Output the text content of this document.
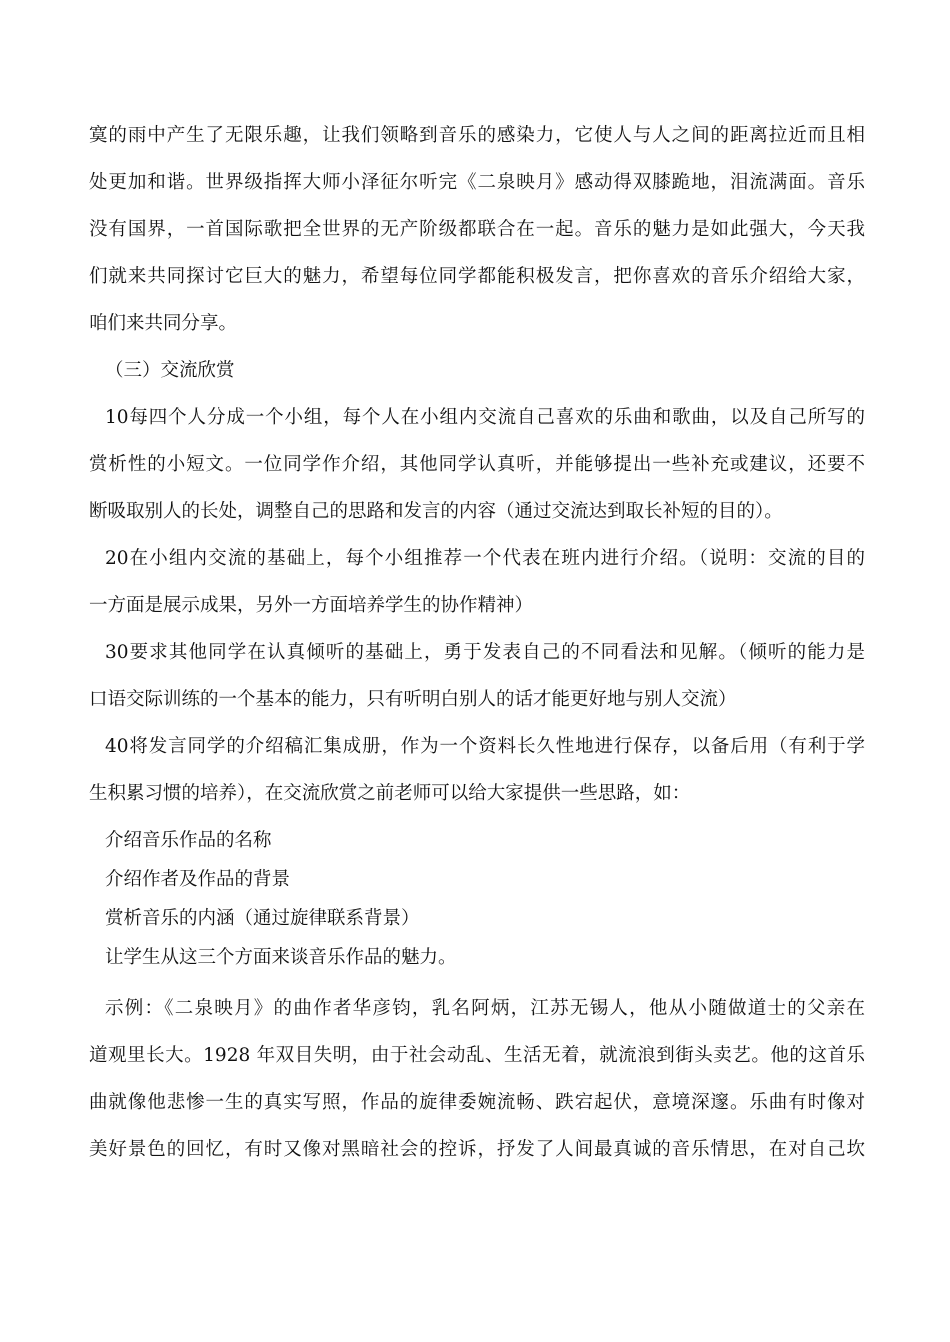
寞的雨中产生了无限乐趣，让我们领略到音乐的感染力，它使人与人之间的距离拉近而且相
处更加和谐。世界级指挥大师小泽征尔听完《二泉映月》感动得双膝跪地，泪流满面。音乐
没有国界，一首国际歌把全世界的无产阶级都联合在一起。音乐的魅力是如此强大，今天我
们就来共同探讨它巨大的魅力，希望每位同学都能积极发言，把你喜欢的音乐介绍给大家，
咱们来共同分享。
（三）交流欣赏
10每四个人分成一个小组，每个人在小组内交流自己喜欢的乐曲和歌曲，以及自己所写的
赏析性的小短文。一位同学作介绍，其他同学认真听，并能够提出一些补充或建议，还要不
断吸取别人的长处，调整自己的思路和发言的内容（通过交流达到取长补短的目的）。
20在小组内交流的基础上，每个小组推荐一个代表在班内进行介绍。（说明：交流的目的
一方面是展示成果，另外一方面培养学生的协作精神）
30要求其他同学在认真倾听的基础上，勇于发表自己的不同看法和见解。（倾听的能力是
口语交际训练的一个基本的能力，只有听明白别人的话才能更好地与别人交流）
40将发言同学的介绍稿汇集成册，作为一个资料长久性地进行保存，以备后用（有利于学
生积累习惯的培养），在交流欣赏之前老师可以给大家提供一些思路，如：
介绍音乐作品的名称
介绍作者及作品的背景
赏析音乐的内涵（通过旋律联系背景）
让学生从这三个方面来谈音乐作品的魅力。
示例：《二泉映月》的曲作者华彦钧，乳名阿炳，江苏无锡人，他从小随做道士的父亲在
道观里长大。1928 年双目失明，由于社会动乱、生活无着，就流浪到街头卖艺。他的这首乐
曲就像他悲惨一生的真实写照，作品的旋律委婉流畅、跌宕起伏，意境深邃。乐曲有时像对
美好景色的回忆，有时又像对黑暗社会的控诉，抒发了人间最真诚的音乐情思，在对自己坎
